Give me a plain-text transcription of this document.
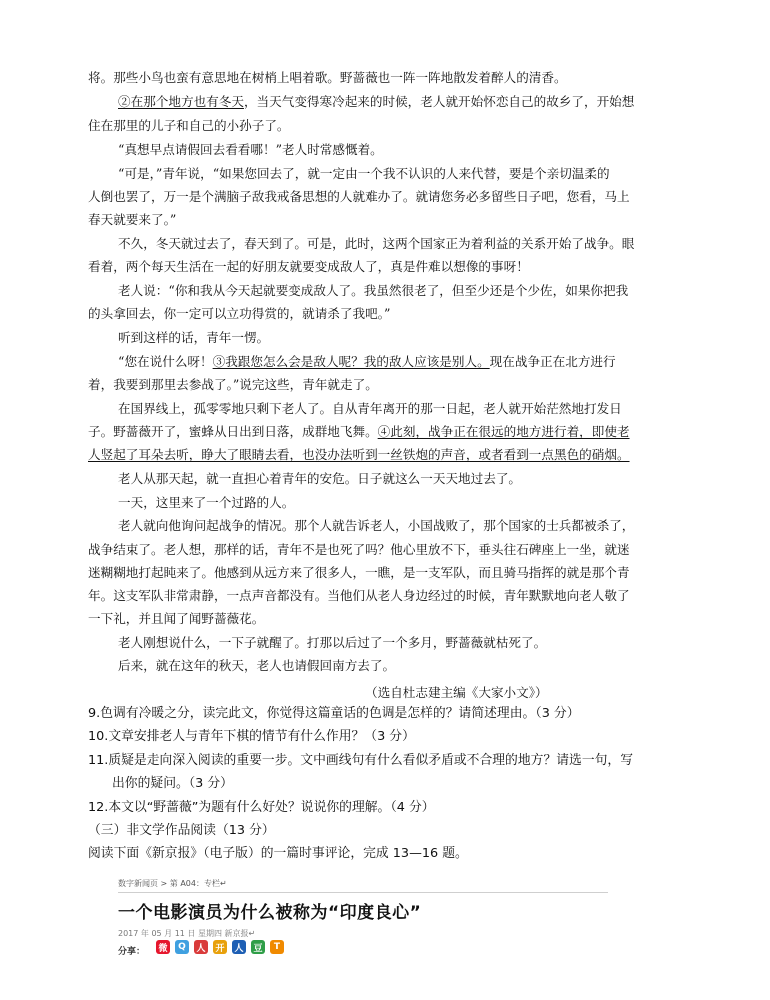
将。那些小鸟也蛮有意思地在树梢上唱着歌。野蔷薇也一阵一阵地散发着醉人的清香。
②在那个地方也有冬天，当天气变得寒冷起来的时候，老人就开始怀恋自己的故乡了，开始想
住在那里的儿子和自己的小孙子了。
“真想早点请假回去看看哪！”老人时常感慨着。
“可是，”青年说，“如果您回去了，就一定由一个我不认识的人来代替，要是个亲切温柔的
人倒也罢了，万一是个满脑子敌我戒备思想的人就难办了。就请您务必多留些日子吧，您看，马上
春天就要来了。”
不久，冬天就过去了，春天到了。可是，此时，这两个国家正为着利益的关系开始了战争。眼
看着，两个每天生活在一起的好朋友就要变成敌人了，真是件难以想像的事呀！
老人说：“你和我从今天起就要变成敌人了。我虽然很老了，但至少还是个少佐，如果你把我
的头拿回去，你一定可以立功得赏的，就请杀了我吧。”
听到这样的话，青年一愣。
“您在说什么呀！③我跟您怎么会是敌人呢？我的敌人应该是别人。现在战争正在北方进行
着，我要到那里去参战了。”说完这些，青年就走了。
在国界线上，孤零零地只剩下老人了。自从青年离开的那一日起，老人就开始茫然地打发日
子。野蔷薇开了，蜜蜂从日出到日落，成群地飞舞。④此刻，战争正在很远的地方进行着，即使老
人竖起了耳朵去听，睁大了眼睛去看，也没办法听到一丝铁炮的声音，或者看到一点黑色的硝烟。
老人从那天起，就一直担心着青年的安危。日子就这么一天天地过去了。
一天，这里来了一个过路的人。
老人就向他询问起战争的情况。那个人就告诉老人，小国战败了，那个国家的士兵都被杀了，
战争结束了。老人想，那样的话，青年不是也死了吗？他心里放不下，垂头往石碑座上一坐，就迷
迷糊糊地打起盹来了。他感到从远方来了很多人，一瞧，是一支军队，而且骑马指挥的就是那个青
年。这支军队非常肃静，一点声音都没有。当他们从老人身边经过的时候，青年默默地向老人敬了
一下礼，并且闻了闻野蔷薇花。
老人刚想说什么，一下子就醒了。打那以后过了一个多月，野蔷薇就枯死了。
后来，就在这年的秋天，老人也请假回南方去了。
（选自杜志建主编《大家小文》）
9.色调有冷暖之分，读完此文，你觉得这篇童话的色调是怎样的？请简述理由。（3 分）
10.文章安排老人与青年下棋的情节有什么作用？（3 分）
11.质疑是走向深入阅读的重要一步。文中画线句有什么看似矛盾或不合理的地方？请选一句，写
出你的疑问。（3 分）
12.本文以“野蔷薇”为题有什么好处？说说你的理解。（4 分）
（三）非文学作品阅读（13 分）
阅读下面《新京报》（电子版）的一篇时事评论，完成 13—16 题。
数字新闻页 > 第 A04：专栏↵
一个电影演员为什么被称为“印度良心”
2017 年 05 月 11 日 星期四 新京报↵
分享： 微	Q	人 开 人 豆	T
